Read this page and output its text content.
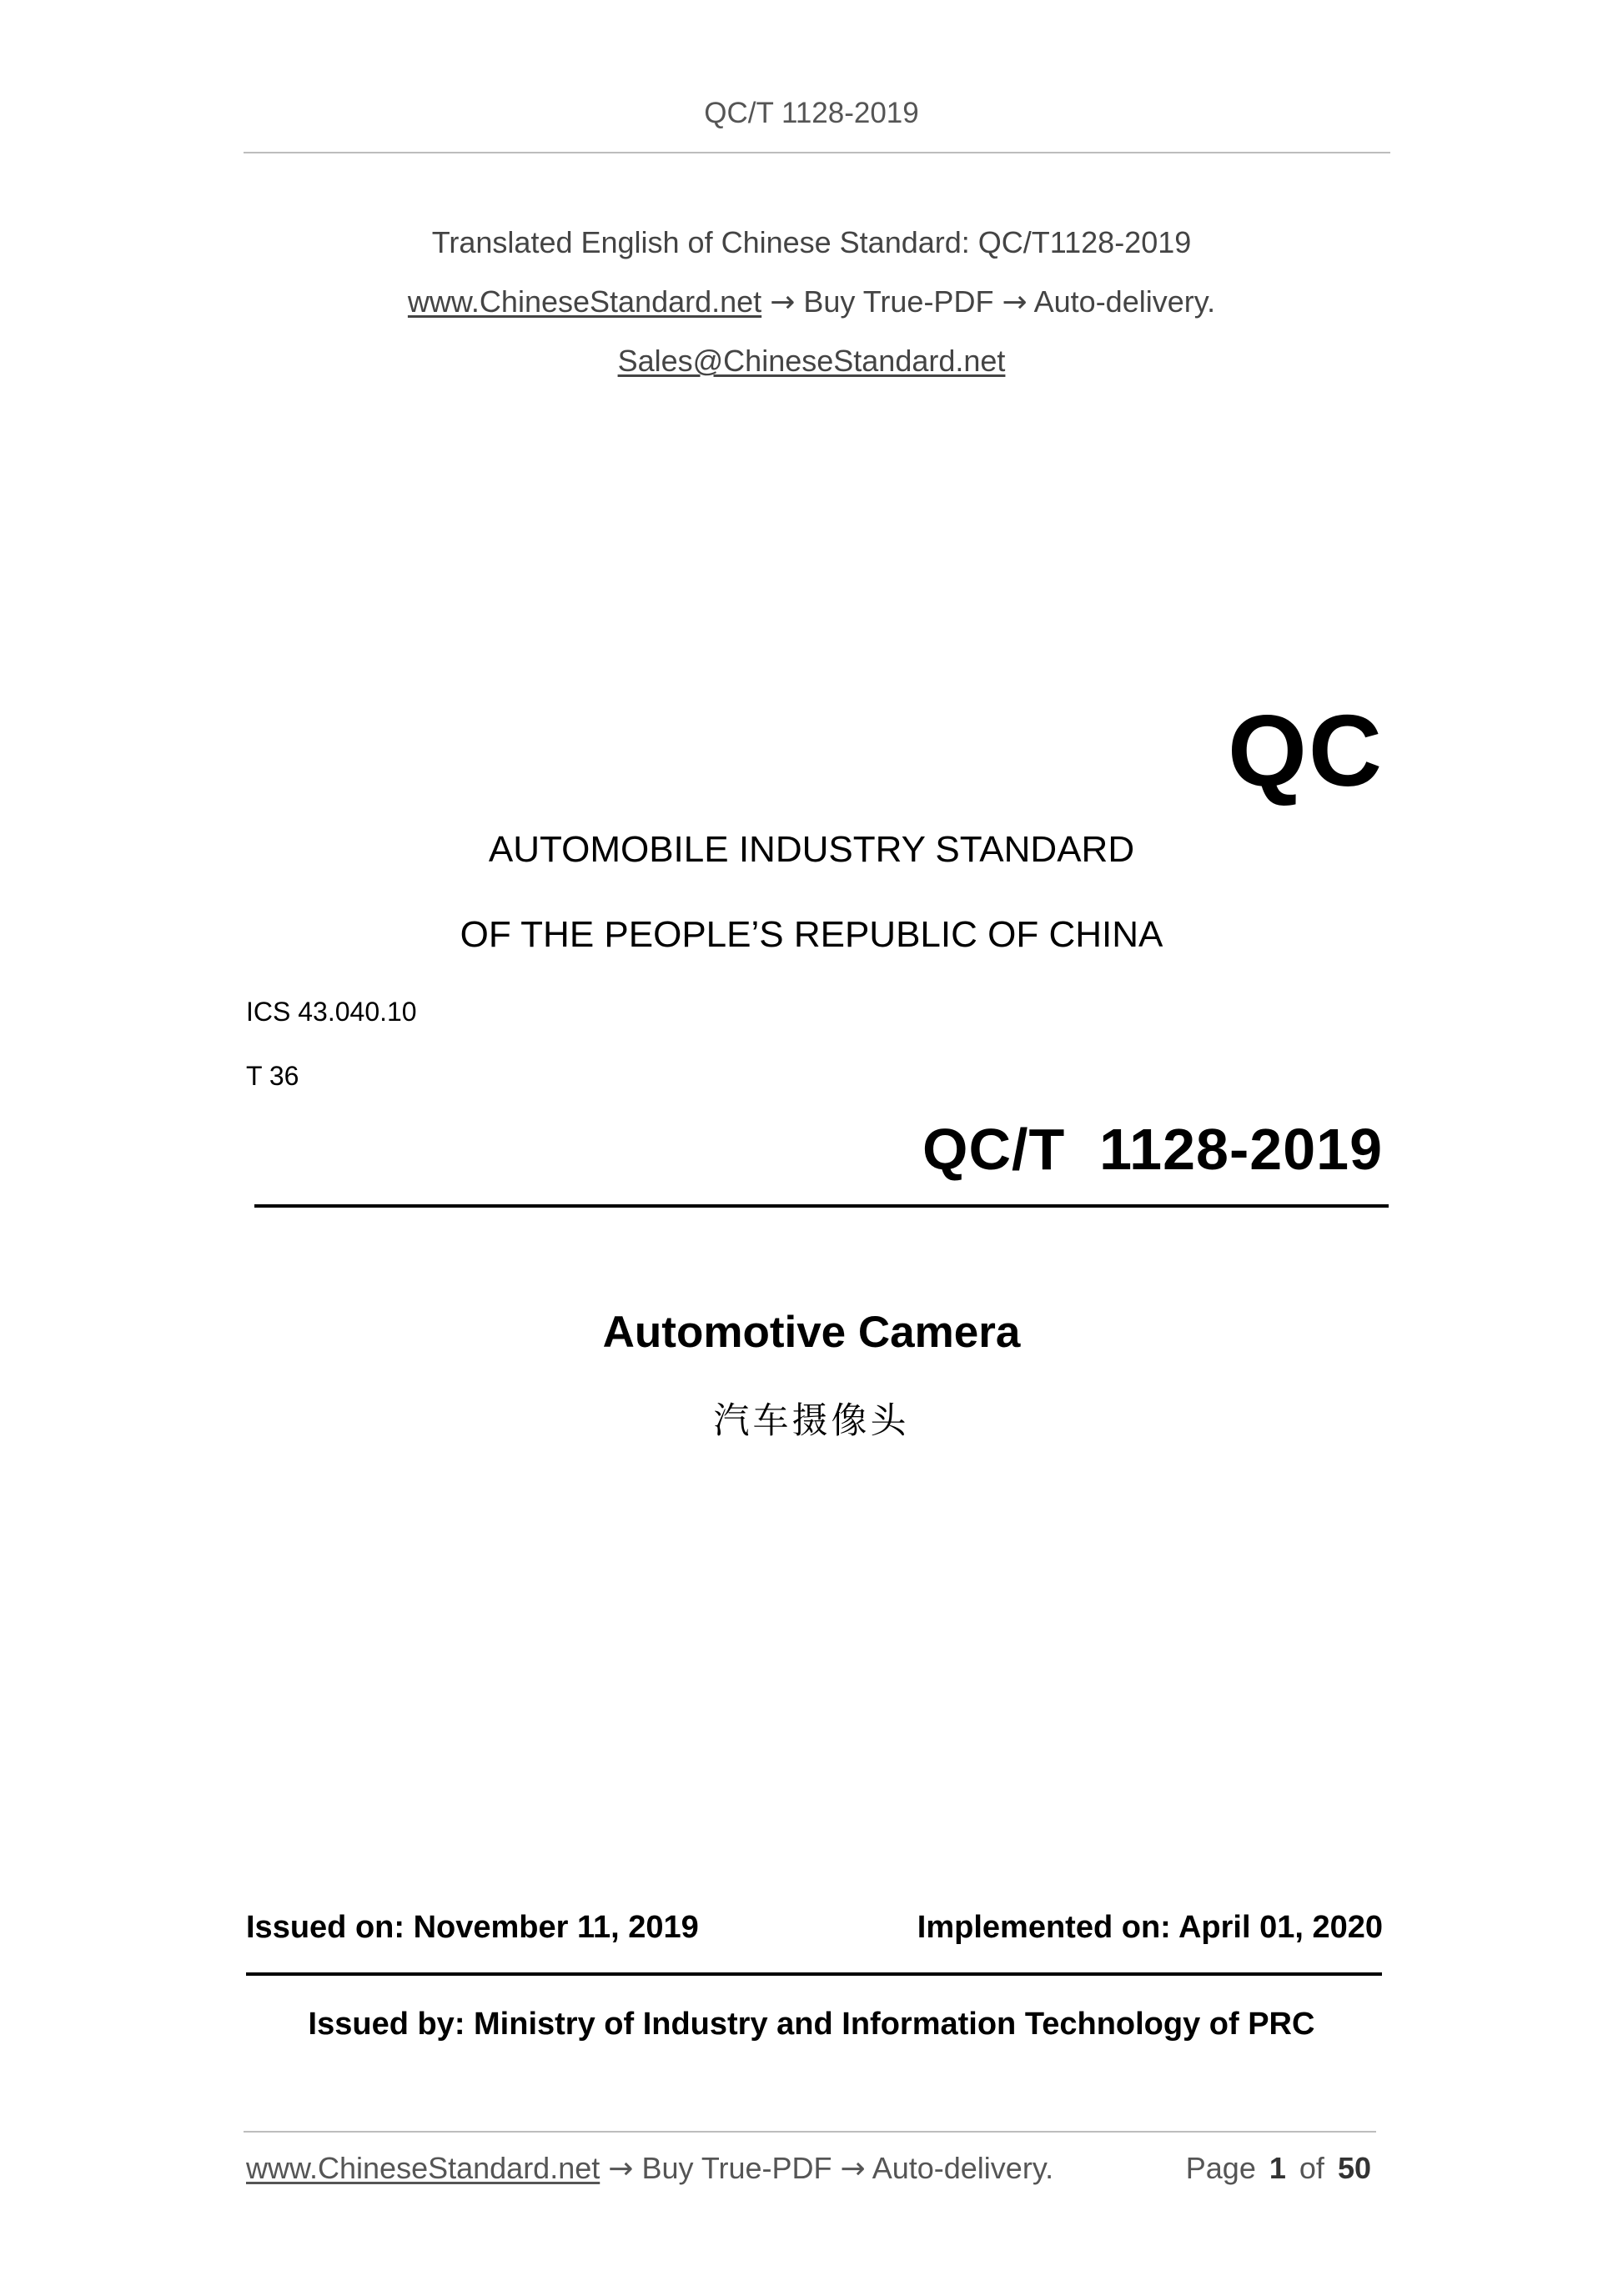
QC/T 1128-2019
Translated English of Chinese Standard: QC/T1128-2019
www.ChineseStandard.net → Buy True-PDF → Auto-delivery.
Sales@ChineseStandard.net
QC
AUTOMOBILE INDUSTRY STANDARD
OF THE PEOPLE’S REPUBLIC OF CHINA
ICS 43.040.10
T 36
QC/T  1128-2019
Automotive Camera
汽车摄像头
Issued on: November 11, 2019	Implemented on: April 01, 2020
Issued by: Ministry of Industry and Information Technology of PRC
www.ChineseStandard.net → Buy True-PDF → Auto-delivery.	Page 1 of 50
